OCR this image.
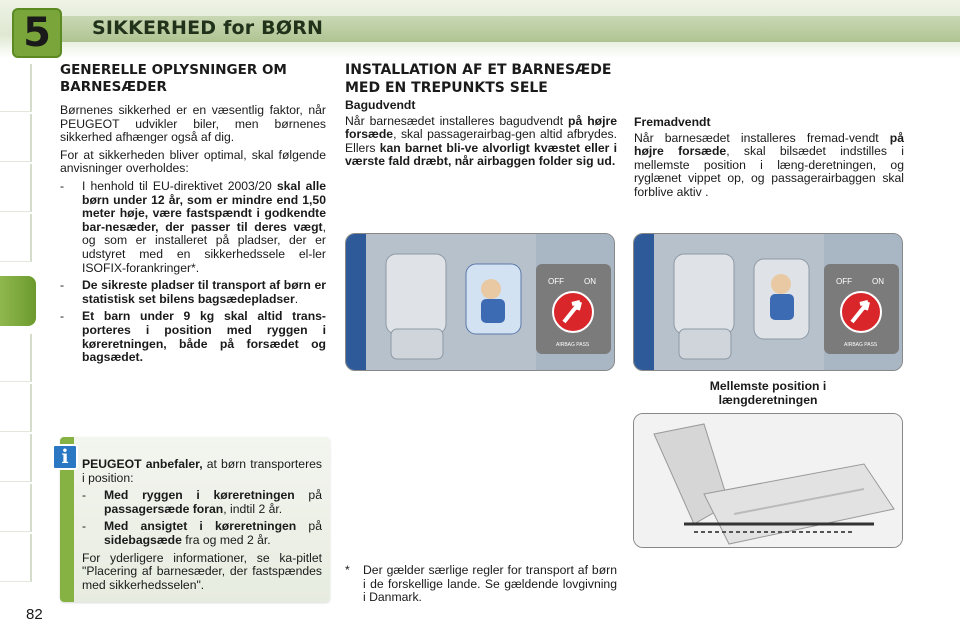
5 SIKKERHED for BØRN
GENERELLE OPLYSNINGER OM BARNESÆDER

Børnenes sikkerhed er en væsentlig faktor, når PEUGEOT udvikler biler, men børnenes sikkerhed afhænger også af dig.

For at sikkerheden bliver optimal, skal følgende anvisninger overholdes:

-	I henhold til EU-direktivet 2003/20 skal alle børn under 12 år, som er mindre end 1,50 meter høje, være fastspændt i godkendte bar-nesæder, der passer til deres vægt, og som er installeret på pladser, der er udstyret med en sikkerhedssele el-ler ISOFIX-forankringer*.
-	De sikreste pladser til transport af børn er statistisk set bilens bagsædepladser.
-	Et barn under 9 kg skal altid trans-porteres i position med ryggen i køreretningen, både på forsædet og bagsædet.
i	PEUGEOT anbefaler, at børn transporteres i position:

-	Med ryggen i køreretningen på passagersæde foran, indtil 2 år.
-	Med ansigtet i køreretningen på sidebagsæde fra og med 2 år.

For yderligere informationer, se ka-pitlet "Placering af barnesæder, der fastspændes med sikkerhedsselen".

INSTALLATION AF ET BARNESÆDE MED EN TREPUNKTS SELE
Bagudvendt

Når barnesædet installeres bagudvendt på højre forsæde, skal passagerairbag-gen altid afbrydes. Ellers kan barnet bli-ve alvorligt kvæstet eller i værste fald dræbt, når airbaggen folder sig ud.

Fremadvendt

Når barnesædet installeres fremad-vendt på højre forsæde, skal bilsædet indstilles i mellemste position i læng-deretningen, og ryglænet vippet op, og passagerairbaggen skal forblive aktiv .

OFF	ON
AIRBAG PASS
OFF	ON
AIRBAG PASS
Mellemste position i længderetningen
*	Der gælder særlige regler for transport af børn i de forskellige lande. Se gældende lovgivning i Danmark.
82
